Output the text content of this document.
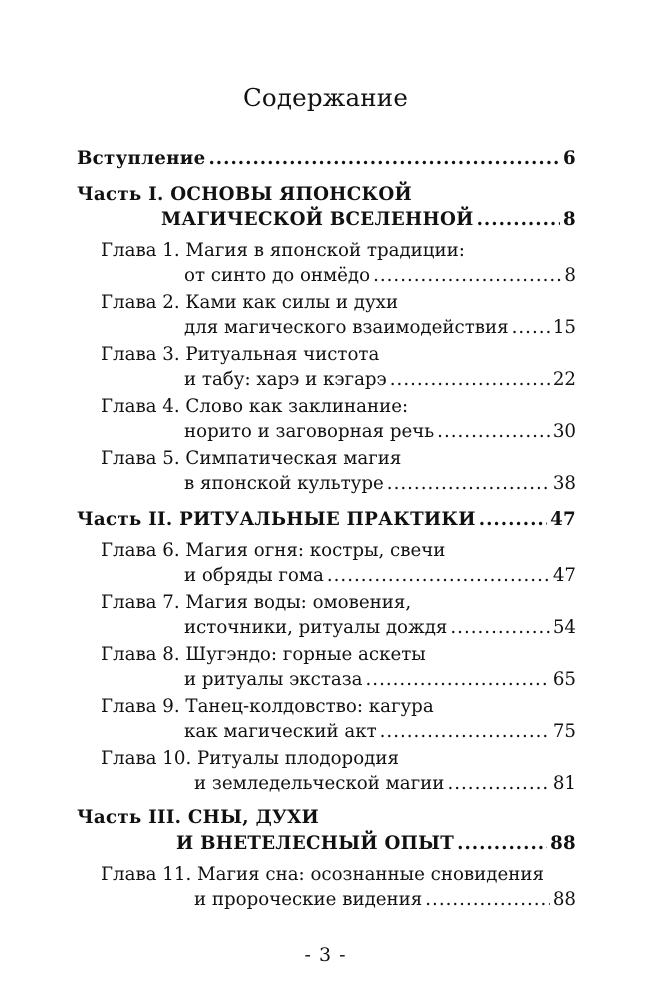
Содержание
Вступление .....	6
Часть I. ОСНОВЫ ЯПОНСКОЙ
МАГИЧЕСКОЙ ВСЕЛЕННОЙ .....	8
Глава 1. Магия в японской традиции:
от синто до онмёдо .....	8
Глава 2. Ками как силы и духи
для магического взаимодействия ..... 15
Глава 3. Ритуальная чистота
и табу: харэ и кэгарэ .....	22
Глава 4. Слово как заклинание:
норито и заговорная речь .....	30
Глава 5. Симпатическая магия
в японской культуре .....	38
Часть II. РИТУАЛЬНЫЕ ПРАКТИКИ .....	47
Глава 6. Магия огня: костры, свечи
и обряды гома .....	47
Глава 7. Магия воды: омовения,
источники, ритуалы дождя .....	54
Глава 8. Шугэндо: горные аскеты
и ритуалы экстаза .....	65
Глава 9. Танец-колдовство: кагура
как магический акт .....	75
Глава 10. Ритуалы плодородия
и земледельческой магии .....	81
Часть III. СНЫ, ДУХИ
И ВНЕТЕЛЕСНЫЙ ОПЫТ .....	88
Глава 11. Магия сна: осознанные сновидения
и пророческие видения .....	88
- 3 -
